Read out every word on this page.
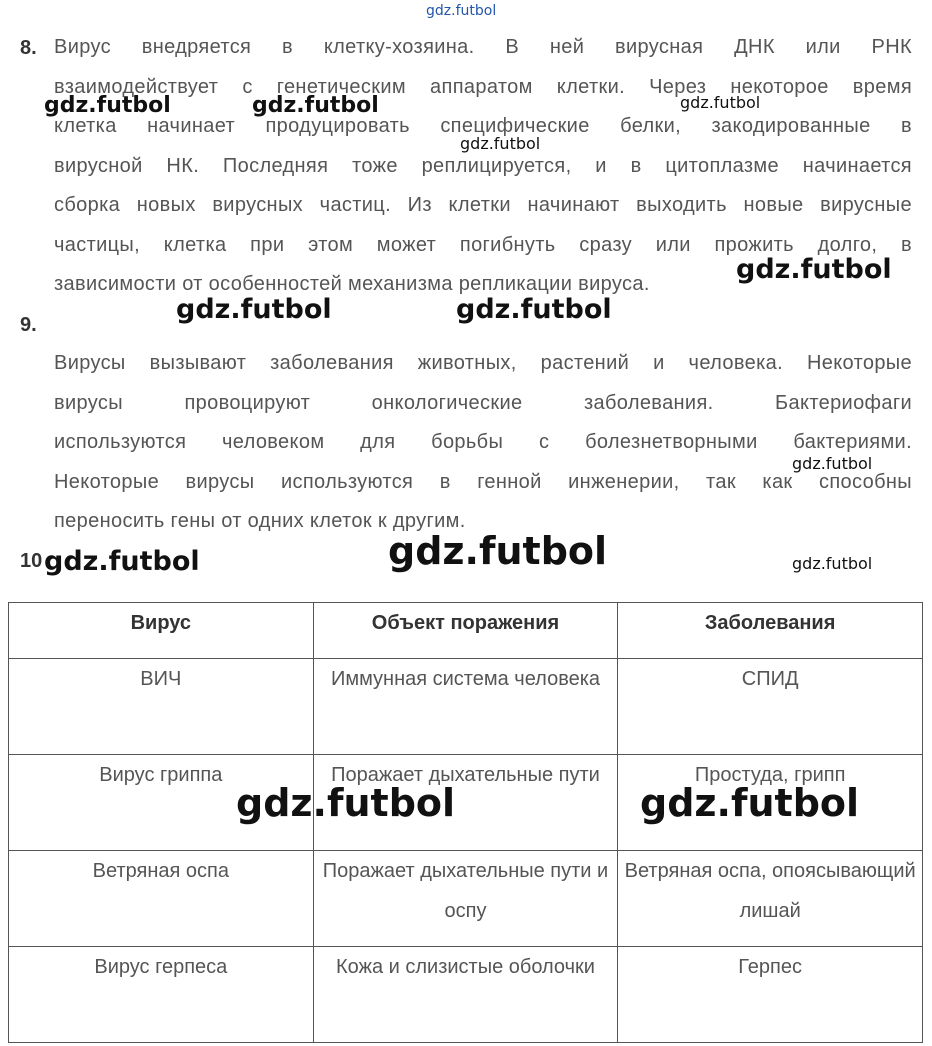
gdz.futbol
8. Вирус внедряется в клетку-хозяина. В ней вирусная ДНК или РНК
взаимодействует с генетическим аппаратом клетки. Через некоторое время
клетка начинает продуцировать специфические белки, закодированные в
вирусной НК. Последняя тоже реплицируется, и в цитоплазме начинается
сборка новых вирусных частиц. Из клетки начинают выходить новые вирусные
частицы, клетка при этом может погибнуть сразу или прожить долго, в
зависимости от особенностей механизма репликации вируса.
9.
Вирусы вызывают заболевания животных, растений и человека. Некоторые
вирусы провоцируют онкологические заболевания. Бактериофаги
используются человеком для борьбы с болезнетворными бактериями.
Некоторые вирусы используются в генной инженерии, так как способны
переносить гены от одних клеток к другим.
10
Вирус	Объект поражения	Заболевания
ВИЧ	Иммунная система человека	СПИД
Вирус гриппа	Поражает дыхательные пути	Простуда, грипп
Ветряная оспа	Поражает дыхательные пути и оспу	Ветряная оспа, опоясывающий лишай
Вирус герпеса	Кожа и слизистые оболочки	Герпес
gdz.futbol	gdz.futbol	gdz.futbol
gdz.futbol
gdz.futbol
gdz.futbol	gdz.futbol
gdz.futbol
gdz.futbol	gdz.futbol	gdz.futbol
gdz.futbol	gdz.futbol
